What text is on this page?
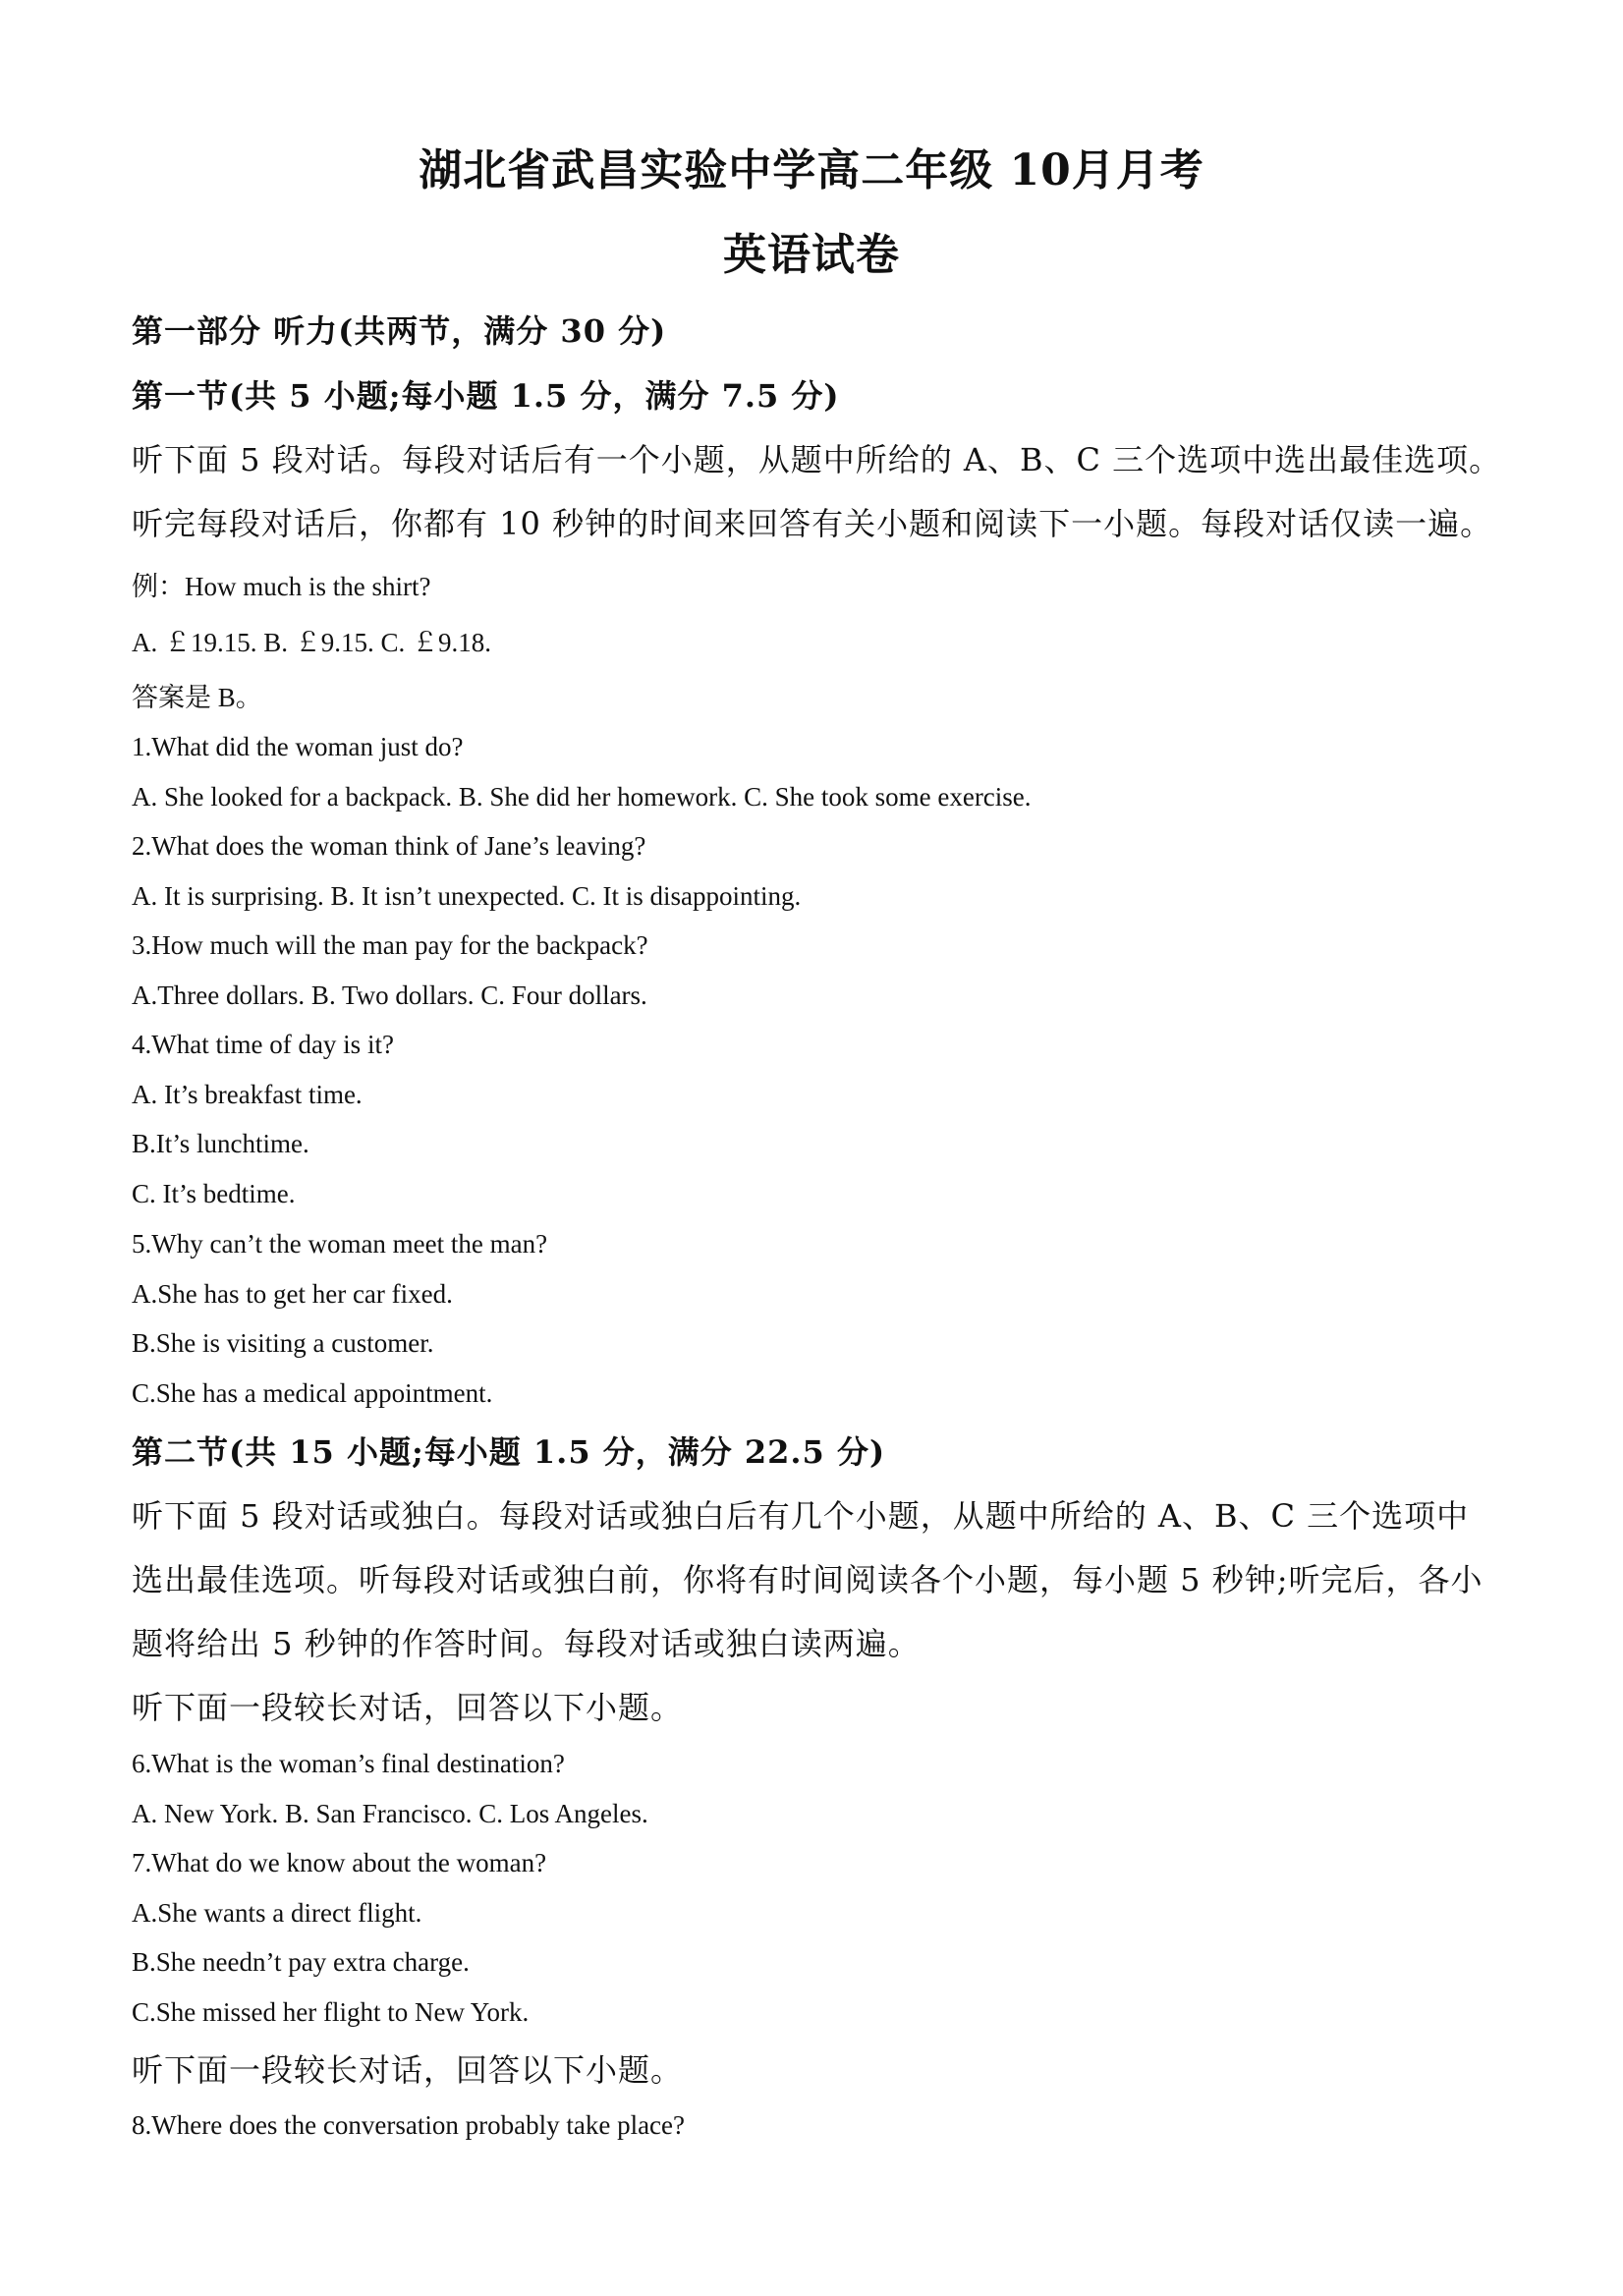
湖北省武昌实验中学高二年级 10月月考
英语试卷
第一部分 听力(共两节，满分 30 分)
第一节(共 5 小题;每小题 1.5 分，满分 7.5 分)
听下面 5 段对话。每段对话后有一个小题，从题中所给的 A、B、C 三个选项中选出最佳选项。
听完每段对话后，你都有 10 秒钟的时间来回答有关小题和阅读下一小题。每段对话仅读一遍。
例：How much is the shirt?
A. ￡19.15. B. ￡9.15. C. ￡9.18.
答案是 B。
1.What did the woman just do?
A. She looked for a backpack. B. She did her homework. C. She took some exercise.
2.What does the woman think of Jane’s leaving?
A. It is surprising. B. It isn’t unexpected. C. It is disappointing.
3.How much will the man pay for the backpack?
A.Three dollars. B. Two dollars. C. Four dollars.
4.What time of day is it?
A. It’s breakfast time.
B.It’s lunchtime.
C. It’s bedtime.
5.Why can’t the woman meet the man?
A.She has to get her car fixed.
B.She is visiting a customer.
C.She has a medical appointment.
第二节(共 15 小题;每小题 1.5 分，满分 22.5 分)
听下面 5 段对话或独白。每段对话或独白后有几个小题，从题中所给的 A、B、C 三个选项中
选出最佳选项。听每段对话或独白前，你将有时间阅读各个小题，每小题 5 秒钟;听完后，各小
题将给出 5 秒钟的作答时间。每段对话或独白读两遍。
听下面一段较长对话，回答以下小题。
6.What is the woman’s final destination?
A. New York. B. San Francisco. C. Los Angeles.
7.What do we know about the woman?
A.She wants a direct flight.
B.She needn’t pay extra charge.
C.She missed her flight to New York.
听下面一段较长对话，回答以下小题。
8.Where does the conversation probably take place?
